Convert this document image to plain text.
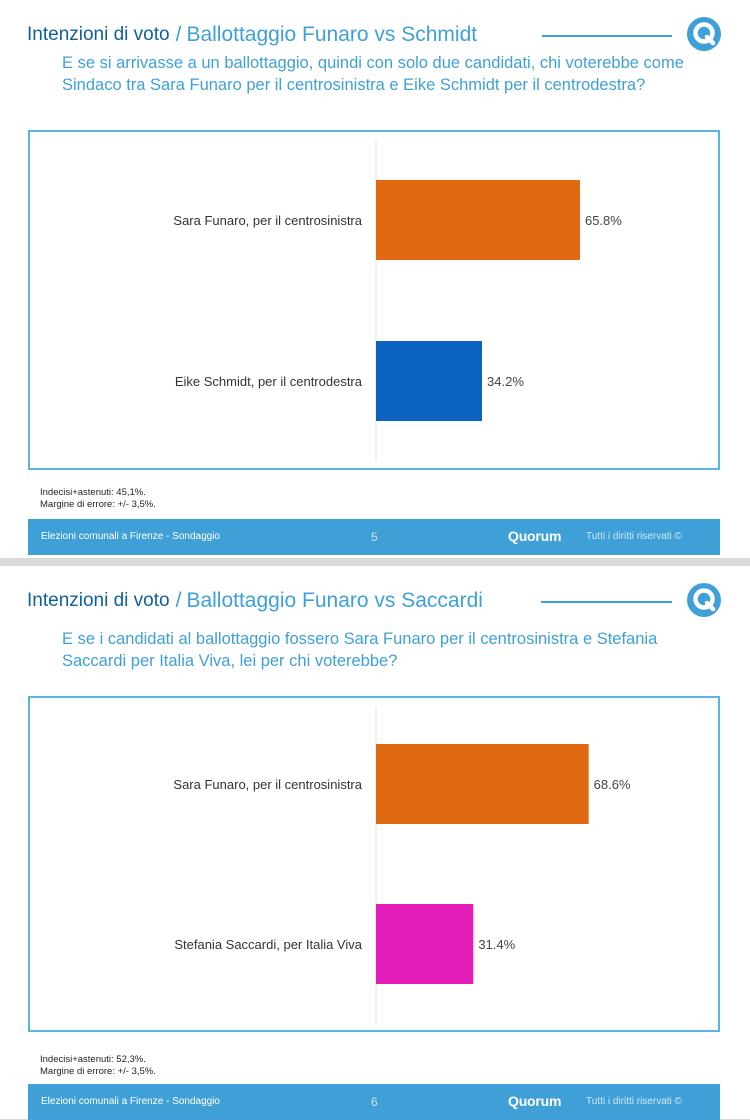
Intenzioni di voto / Ballottaggio Funaro vs Schmidt
E se si arrivasse a un ballottaggio, quindi con solo due candidati, chi voterebbe come Sindaco tra Sara Funaro per il centrosinistra e Eike Schmidt per il centrodestra?
Sara Funaro, per il centrosinistra	65.8%
Eike Schmidt, per il centrodestra	34.2%
Indecisi+astenuti: 45,1%.
Margine di errore: +/- 3,5%.
Elezioni comunali a Firenze - Sondaggio	5	Quorum Tutti i diritti riservati ©
Intenzioni di voto / Ballottaggio Funaro vs Saccardi
E se i candidati al ballottaggio fossero Sara Funaro per il centrosinistra e Stefania Saccardi per Italia Viva, lei per chi voterebbe?
Sara Funaro, per il centrosinistra	68.6%
Stefania Saccardi, per Italia Viva	31.4%
Indecisi+astenuti: 52,3%.
Margine di errore: +/- 3,5%.
Elezioni comunali a Firenze - Sondaggio	6	Quorum Tutti i diritti riservati ©
